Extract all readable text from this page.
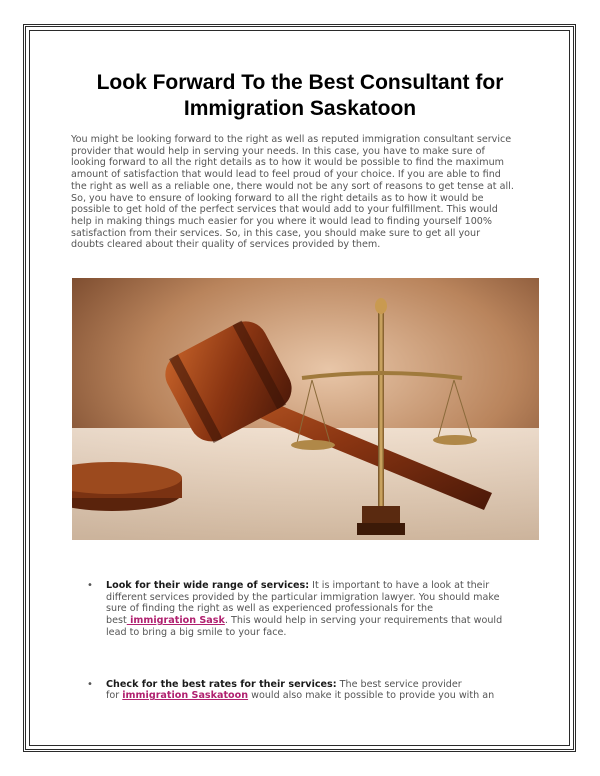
Look Forward To the Best Consultant for
Immigration Saskatoon

You might be looking forward to the right as well as reputed immigration consultant service
provider that would help in serving your needs. In this case, you have to make sure of
looking forward to all the right details as to how it would be possible to find the maximum
amount of satisfaction that would lead to feel proud of your choice. If you are able to find
the right as well as a reliable one, there would not be any sort of reasons to get tense at all.
So, you have to ensure of looking forward to all the right details as to how it would be
possible to get hold of the perfect services that would add to your fulfillment. This would
help in making things much easier for you where it would lead to finding yourself 100%
satisfaction from their services. So, in this case, you should make sure to get all your
doubts cleared about their quality of services provided by them.

• Look for their wide range of services: It is important to have a look at their
different services provided by the particular immigration lawyer. You should make
sure of finding the right as well as experienced professionals for the
best immigration Sask. This would help in serving your requirements that would
lead to bring a big smile to your face.
• Check for the best rates for their services: The best service provider
for immigration Saskatoon would also make it possible to provide you with an
